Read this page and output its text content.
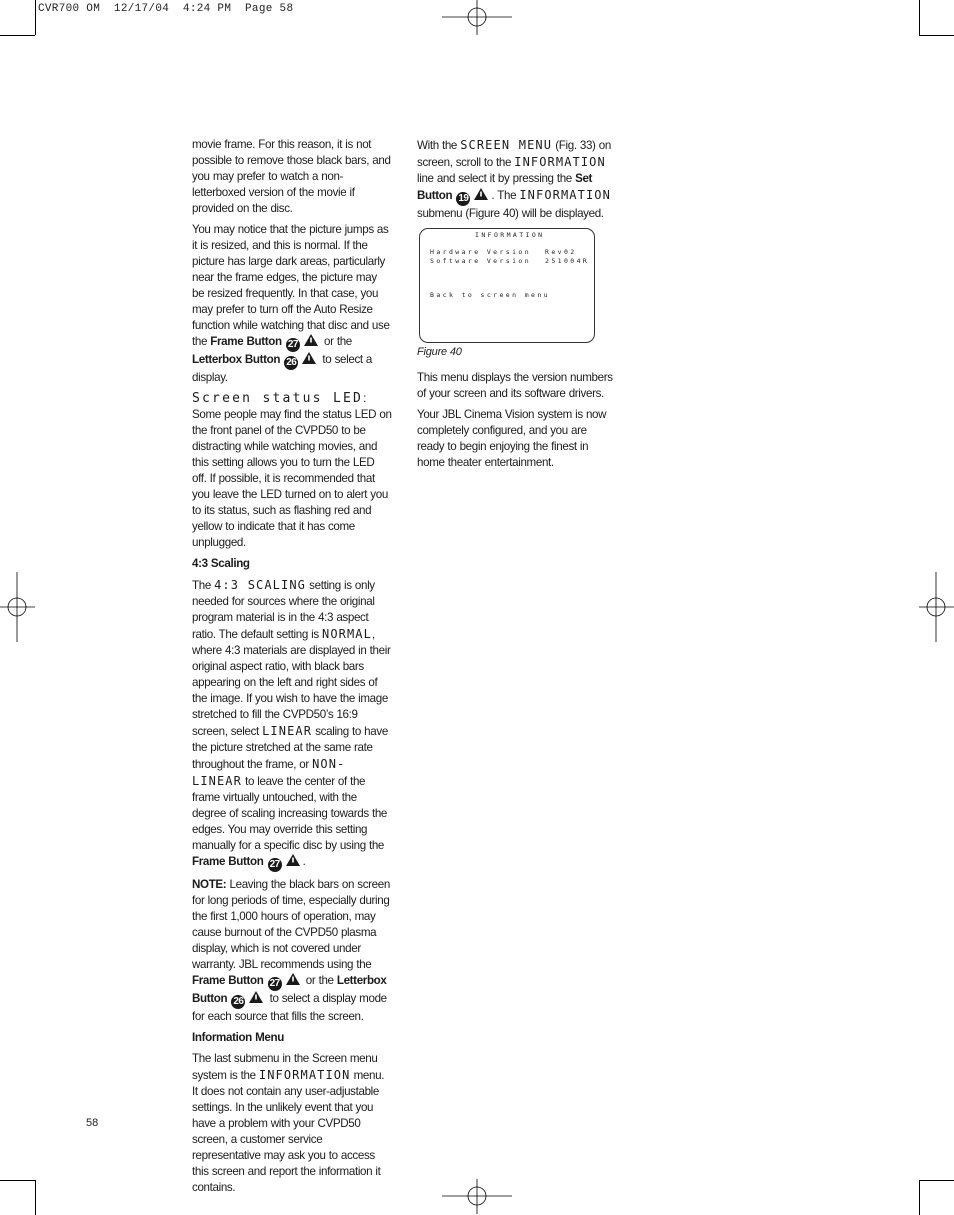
CVR700 OM  12/17/04  4:24 PM  Page 58

movie frame. For this reason, it is not possible to remove those black bars, and you may prefer to watch a non-letterboxed version of the movie if provided on the disc.

You may notice that the picture jumps as it is resized, and this is normal. If the picture has large dark areas, particularly near the frame edges, the picture may be resized frequently. In that case, you may prefer to turn off the Auto Resize function while watching that disc and use the Frame Button 27 or the Letterbox Button 26 to select a display.

Screen status LED: Some people may find the status LED on the front panel of the CVPD50 to be distracting while watching movies, and this setting allows you to turn the LED off. If possible, it is recommended that you leave the LED turned on to alert you to its status, such as flashing red and yellow to indicate that it has come unplugged.

4:3 Scaling

The 4:3 SCALING setting is only needed for sources where the original program material is in the 4:3 aspect ratio. The default setting is NORMAL, where 4:3 materials are displayed in their original aspect ratio, with black bars appearing on the left and right sides of the image. If you wish to have the image stretched to fill the CVPD50’s 16:9 screen, select LINEAR scaling to have the picture stretched at the same rate throughout the frame, or NON-LINEAR to leave the center of the frame virtually untouched, with the degree of scaling increasing towards the edges. You may override this setting manually for a specific disc by using the Frame Button 27 .

NOTE: Leaving the black bars on screen for long periods of time, especially during the first 1,000 hours of operation, may cause burnout of the CVPD50 plasma display, which is not covered under warranty. JBL recommends using the Frame Button 27 or the Letterbox Button 26 to select a display mode for each source that fills the screen.

Information Menu

The last submenu in the Screen menu system is the INFORMATION menu. It does not contain any user-adjustable settings. In the unlikely event that you have a problem with your CVPD50 screen, a customer service representative may ask you to access this screen and report the information it contains.

With the SCREEN MENU (Fig. 33) on screen, scroll to the INFORMATION line and select it by pressing the Set Button 19 . The INFORMATION submenu (Figure 40) will be displayed.

This menu displays the version numbers of your screen and its software drivers.

Your JBL Cinema Vision system is now completely configured, and you are ready to begin enjoying the finest in home theater entertainment.

INFORMATION
Hardware Version Rev02
Software Version 251004R
Back to screen menu
Figure 40
58
